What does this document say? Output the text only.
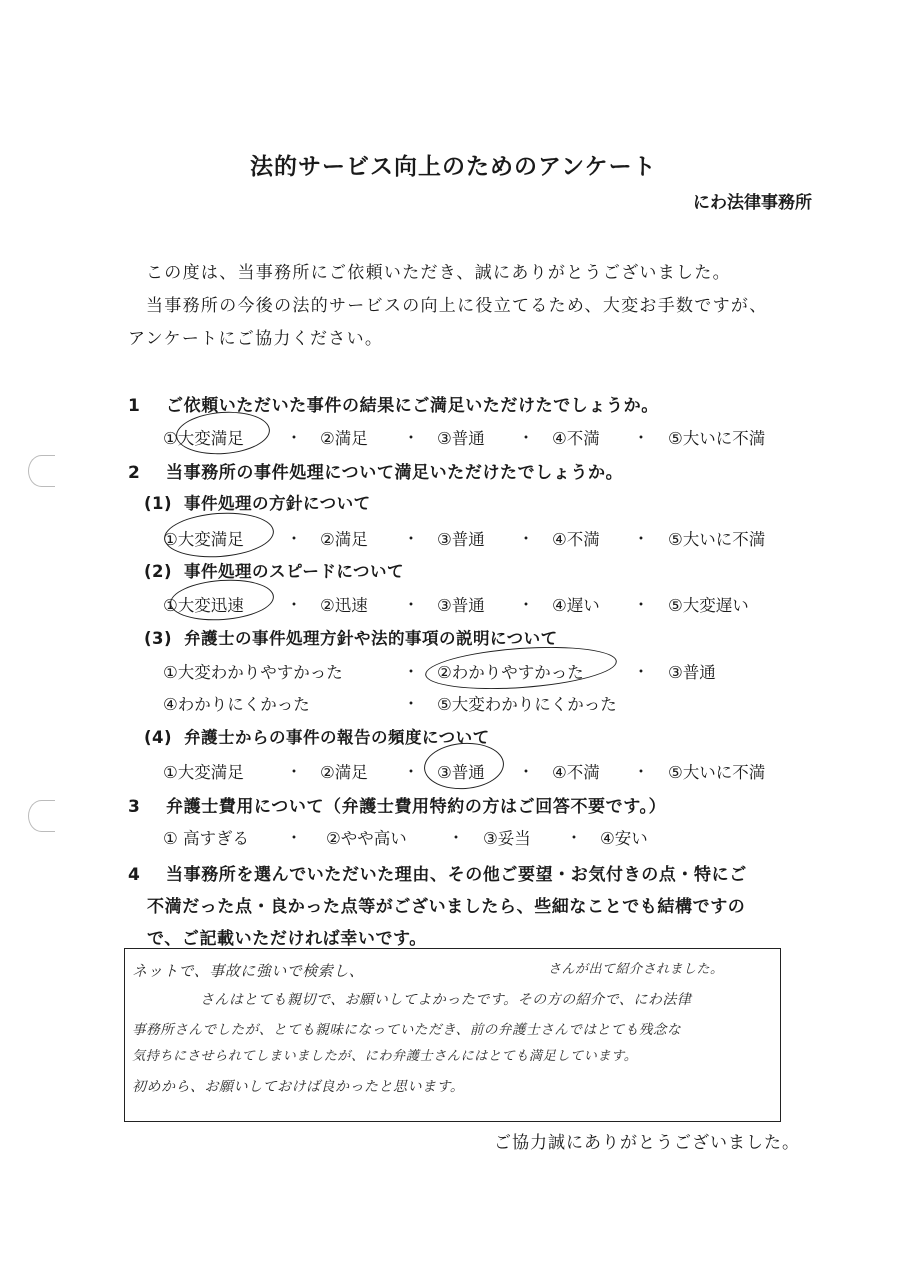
法的サービス向上のためのアンケート
にわ法律事務所
この度は、当事務所にご依頼いただき、誠にありがとうございました。
当事務所の今後の法的サービスの向上に役立てるため、大変お手数ですが、
アンケートにご協力ください。
1 ご依頼いただいた事件の結果にご満足いただけたでしょうか。
①大変満足	・ ②満足 ・ ③普通 ・ ④不満 ・ ⑤大いに不満
2 当事務所の事件処理について満足いただけたでしょうか。
(1) 事件処理の方針について
①大変満足	・ ②満足 ・ ③普通 ・ ④不満 ・ ⑤大いに不満
(2) 事件処理のスピードについて
①大変迅速	・ ②迅速 ・ ③普通 ・ ④遅い ・ ⑤大変遅い
(3) 弁護士の事件処理方針や法的事項の説明について
①大変わかりやすかった	・ ②わかりやすかった	・ ③普通
④わかりにくかった	・ ⑤大変わかりにくかった
(4) 弁護士からの事件の報告の頻度について
①大変満足	・ ②満足 ・ ③普通 ・ ④不満 ・ ⑤大いに不満
3 弁護士費用について（弁護士費用特約の方はご回答不要です。）
① 高すぎる ・ ②やや高い	・ ③妥当 ・ ④安い
4 当事務所を選んでいただいた理由、その他ご要望・お気付きの点・特にご
不満だった点・良かった点等がございましたら、些細なことでも結構ですの
で、ご記載いただければ幸いです。
ネットで、事故に強いで検索し、	さんが出て紹介されました。
さんはとても親切で、お願いしてよかったです。その方の紹介で、にわ法律
事務所さんでしたが、とても親味になっていただき、前の弁護士さんではとても残念な
気持ちにさせられてしまいましたが、にわ弁護士さんにはとても満足しています。
初めから、お願いしておけば良かったと思います。
ご協力誠にありがとうございました。
